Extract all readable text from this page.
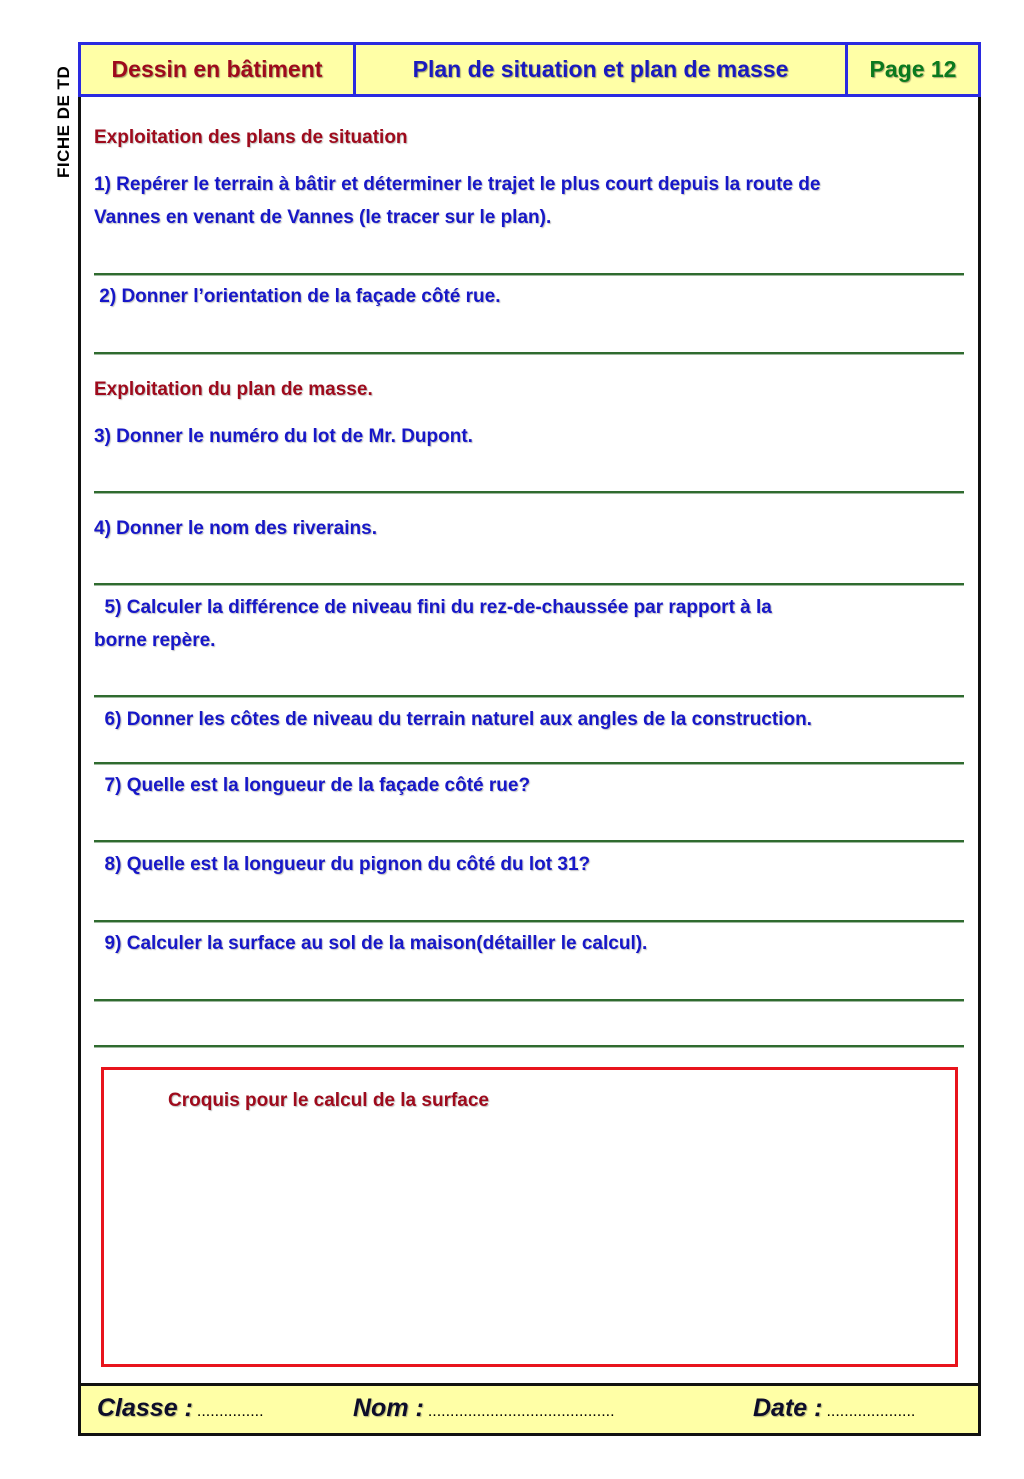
FICHE DE TD	Dessin en bâtiment	Plan de situation et plan de masse	Page 12
Exploitation des plans de situation
1) Repérer le terrain à bâtir et déterminer le trajet le plus court depuis la route de
Vannes en venant de Vannes (le tracer sur le plan).
2) Donner l’orientation de la façade côté rue.
Exploitation du plan de masse.
3) Donner le numéro du lot de Mr. Dupont.
4) Donner le nom des riverains.
5) Calculer la différence de niveau fini du rez-de-chaussée par rapport à la
borne repère.
6) Donner les côtes de niveau du terrain naturel aux angles de la construction.
7) Quelle est la longueur de la façade côté rue?
8) Quelle est la longueur du pignon du côté du lot 31?
9) Calculer la surface au sol de la maison(détailler le calcul).
Croquis pour le calcul de la surface
Classe : ...............	Nom : ..........................................	Date : ....................
